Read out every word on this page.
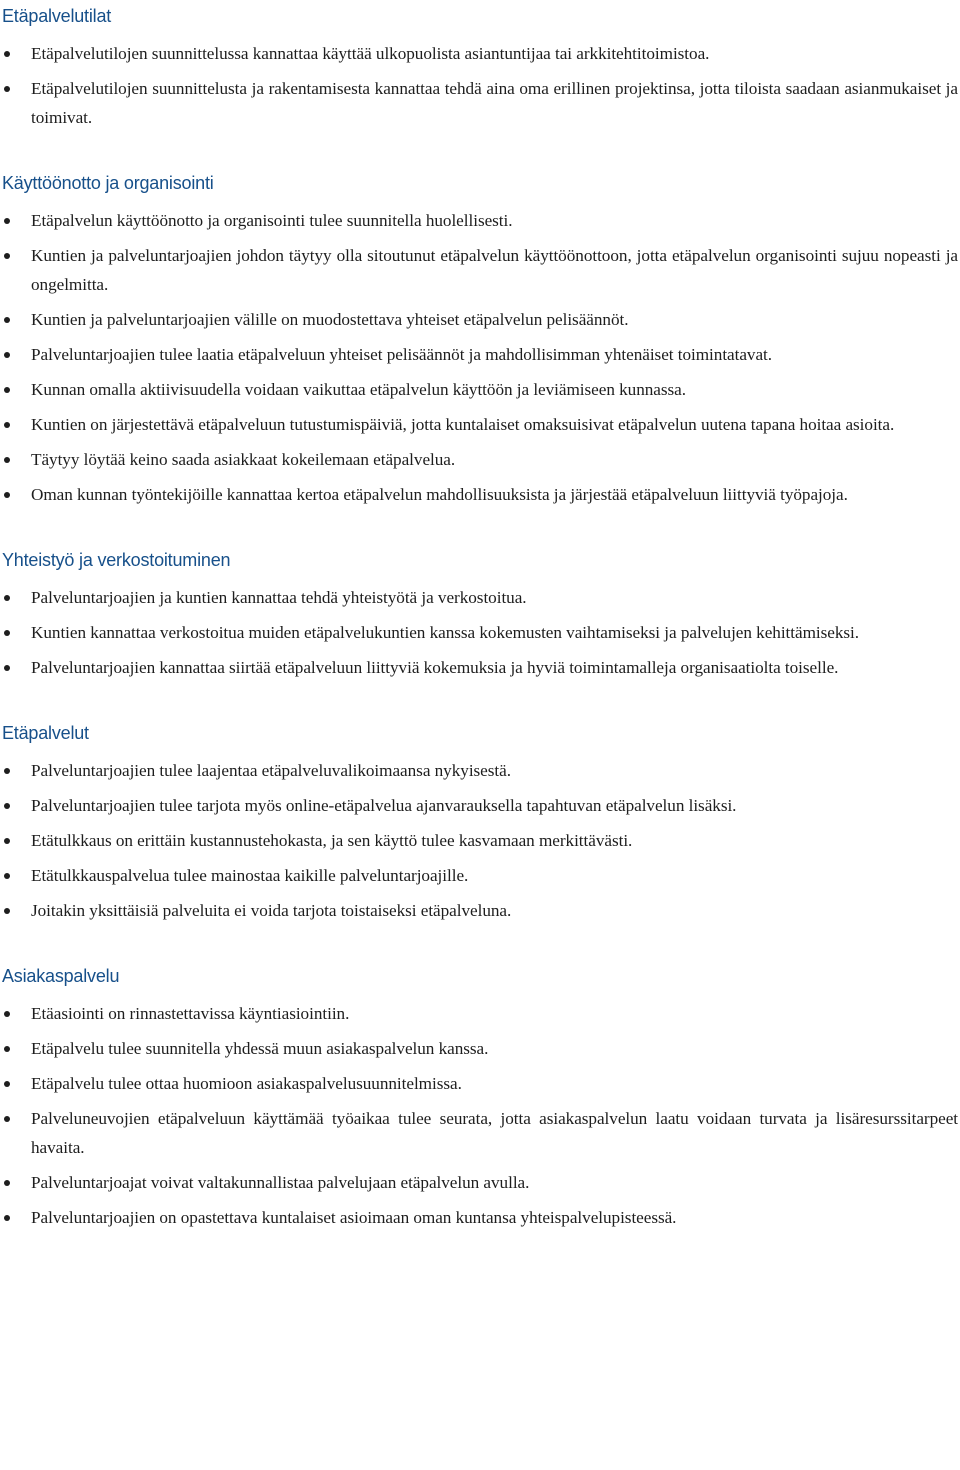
Etäpalvelutilat
Etäpalvelutilojen suunnittelussa kannattaa käyttää ulkopuolista asiantuntijaa tai arkkitehtitoimistoa.
Etäpalvelutilojen suunnittelusta ja rakentamisesta kannattaa tehdä aina oma erillinen projektinsa, jotta tiloista saadaan asianmukaiset ja toimivat.
Käyttöönotto ja organisointi
Etäpalvelun käyttöönotto ja organisointi tulee suunnitella huolellisesti.
Kuntien ja palveluntarjoajien johdon täytyy olla sitoutunut etäpalvelun käyttöönottoon, jotta etäpalvelun organisointi sujuu nopeasti ja ongelmitta.
Kuntien ja palveluntarjoajien välille on muodostettava yhteiset etäpalvelun pelisäännöt.
Palveluntarjoajien tulee laatia etäpalveluun yhteiset pelisäännöt ja mahdollisimman yhtenäiset toimintatavat.
Kunnan omalla aktiivisuudella voidaan vaikuttaa etäpalvelun käyttöön ja leviämiseen kunnassa.
Kuntien on järjestettävä etäpalveluun tutustumispäiviä, jotta kuntalaiset omaksuisivat etäpalvelun uutena tapana hoitaa asioita.
Täytyy löytää keino saada asiakkaat kokeilemaan etäpalvelua.
Oman kunnan työntekijöille kannattaa kertoa etäpalvelun mahdollisuuksista ja järjestää etäpalveluun liittyviä työpajoja.
Yhteistyö ja verkostoituminen
Palveluntarjoajien ja kuntien kannattaa tehdä yhteistyötä ja verkostoitua.
Kuntien kannattaa verkostoitua muiden etäpalvelukuntien kanssa kokemusten vaihtamiseksi ja palvelujen kehittämiseksi.
Palveluntarjoajien kannattaa siirtää etäpalveluun liittyviä kokemuksia ja hyviä toimintamalleja organisaatiolta toiselle.
Etäpalvelut
Palveluntarjoajien tulee laajentaa etäpalveluvalikoimaansa nykyisestä.
Palveluntarjoajien tulee tarjota myös online-etäpalvelua ajanvarauksella tapahtuvan etäpalvelun lisäksi.
Etätulkkaus on erittäin kustannustehokasta, ja sen käyttö tulee kasvamaan merkittävästi.
Etätulkkauspalvelua tulee mainostaa kaikille palveluntarjoajille.
Joitakin yksittäisiä palveluita ei voida tarjota toistaiseksi etäpalveluna.
Asiakaspalvelu
Etäasiointi on rinnastettavissa käyntiasiointiin.
Etäpalvelu tulee suunnitella yhdessä muun asiakaspalvelun kanssa.
Etäpalvelu tulee ottaa huomioon asiakaspalvelusuunnitelmissa.
Palveluneuvojien etäpalveluun käyttämää työaikaa tulee seurata, jotta asiakaspalvelun laatu voidaan turvata ja lisäresurssitarpeet havaita.
Palveluntarjoajat voivat valtakunnallistaa palvelujaan etäpalvelun avulla.
Palveluntarjoajien on opastettava kuntalaiset asioimaan oman kuntansa yhteispalvelupisteessä.
